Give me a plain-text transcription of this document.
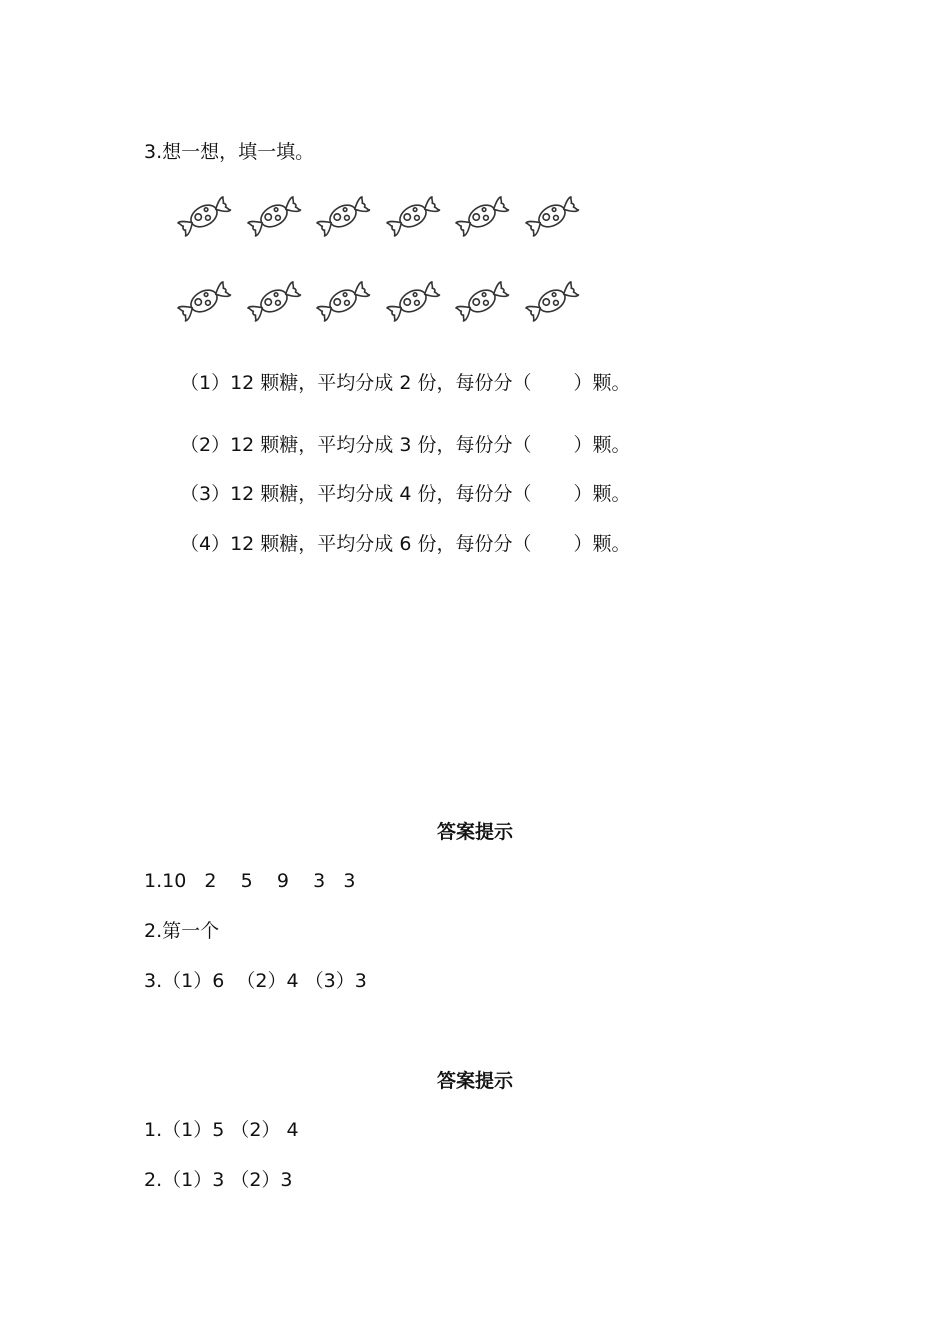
3.想一想，填一填。
（1）12 颗糖，平均分成 2 份，每份分（ ）颗。
（2）12 颗糖，平均分成 3 份，每份分（ ）颗。
（3）12 颗糖，平均分成 4 份，每份分（ ）颗。
（4）12 颗糖，平均分成 6 份，每份分（ ）颗。
答案提示
1.10   2    5    9    3   3
2.第一个
3.（1）6  （2）4 （3）3
答案提示
1.（1）5 （2） 4
2.（1）3 （2）3
